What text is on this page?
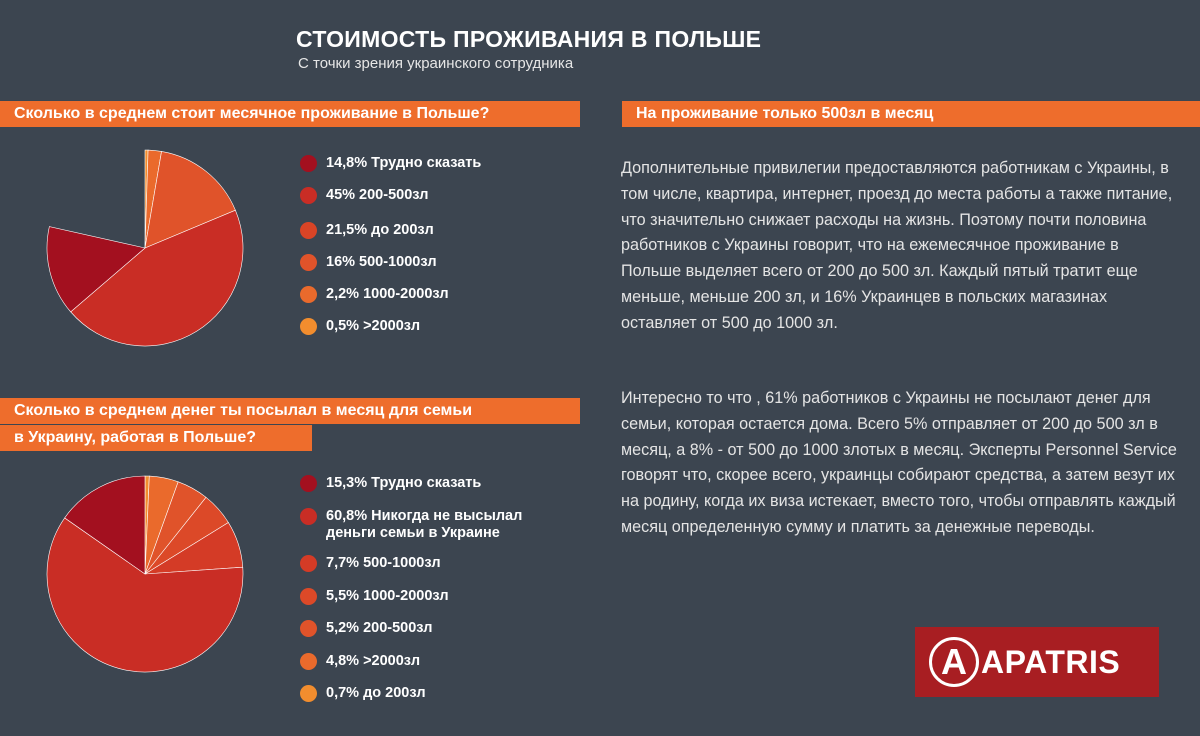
СТОИМОСТЬ ПРОЖИВАНИЯ В ПОЛЬШЕ
С точки зрения украинского сотрудника
Сколько в среднем стоит месячное проживание в Польше?
14,8% Трудно сказать
45% 200-500зл
21,5% до 200зл
16% 500-1000зл
2,2% 1000-2000зл
0,5% >2000зл
Сколько в среднем денег ты посылал в месяц для семьи
в Украину, работая в Польше?
15,3% Трудно сказать
60,8% Никогда не высылал деньги семьи в Украине
7,7% 500-1000зл
5,5% 1000-2000зл
5,2% 200-500зл
4,8% >2000зл
0,7% до 200зл
На проживание только 500зл в месяц
Дополнительные привилегии предоставляются работникам с Украины, в том числе, квартира, интернет, проезд до места работы а также питание, что значительно снижает расходы на жизнь. Поэтому почти половина работников с Украины говорит, что на ежемесячное проживание в Польше выделяет всего от 200 до 500 зл. Каждый пятый тратит еще меньше, меньше 200 зл, и 16% Украинцев в польских магазинах оставляет от 500 до 1000 зл.
Интересно то что , 61% работников с Украины не посылают денег для семьи, которая остается дома. Всего 5% отправляет от 200 до 500 зл в месяц, а 8% - от 500 до 1000 злотых в месяц. Эксперты Personnel Service говорят что, скорее всего, украинцы собирают средства, а затем везут их на родину, когда их виза истекает, вместо того, чтобы отправлять каждый месяц определенную сумму и платить за денежные переводы.
A APATRIS
